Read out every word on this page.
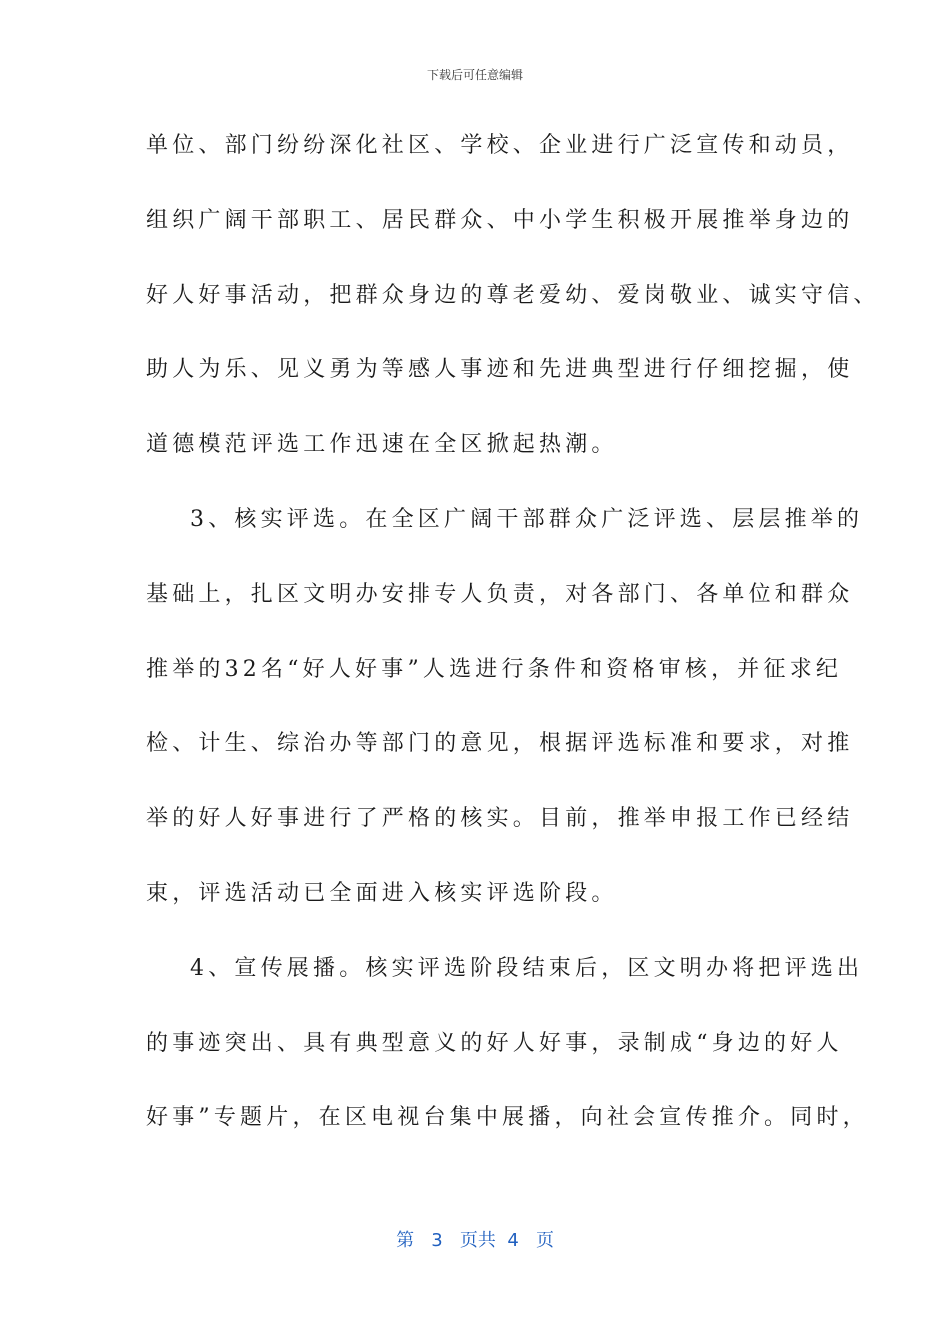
下载后可任意编辑
单位、部门纷纷深化社区、学校、企业进行广泛宣传和动员，
组织广阔干部职工、居民群众、中小学生积极开展推举身边的
好人好事活动，把群众身边的尊老爱幼、爱岗敬业、诚实守信、
助人为乐、见义勇为等感人事迹和先进典型进行仔细挖掘，使
道德模范评选工作迅速在全区掀起热潮。
3、核实评选。在全区广阔干部群众广泛评选、层层推举的
基础上，扎区文明办安排专人负责，对各部门、各单位和群众
推举的32名“好人好事”人选进行条件和资格审核，并征求纪
检、计生、综治办等部门的意见，根据评选标准和要求，对推
举的好人好事进行了严格的核实。目前，推举申报工作已经结
束，评选活动已全面进入核实评选阶段。
4、宣传展播。核实评选阶段结束后，区文明办将把评选出
的事迹突出、具有典型意义的好人好事，录制成“身边的好人
好事”专题片，在区电视台集中展播，向社会宣传推介。同时，
第 3 页共 4 页
